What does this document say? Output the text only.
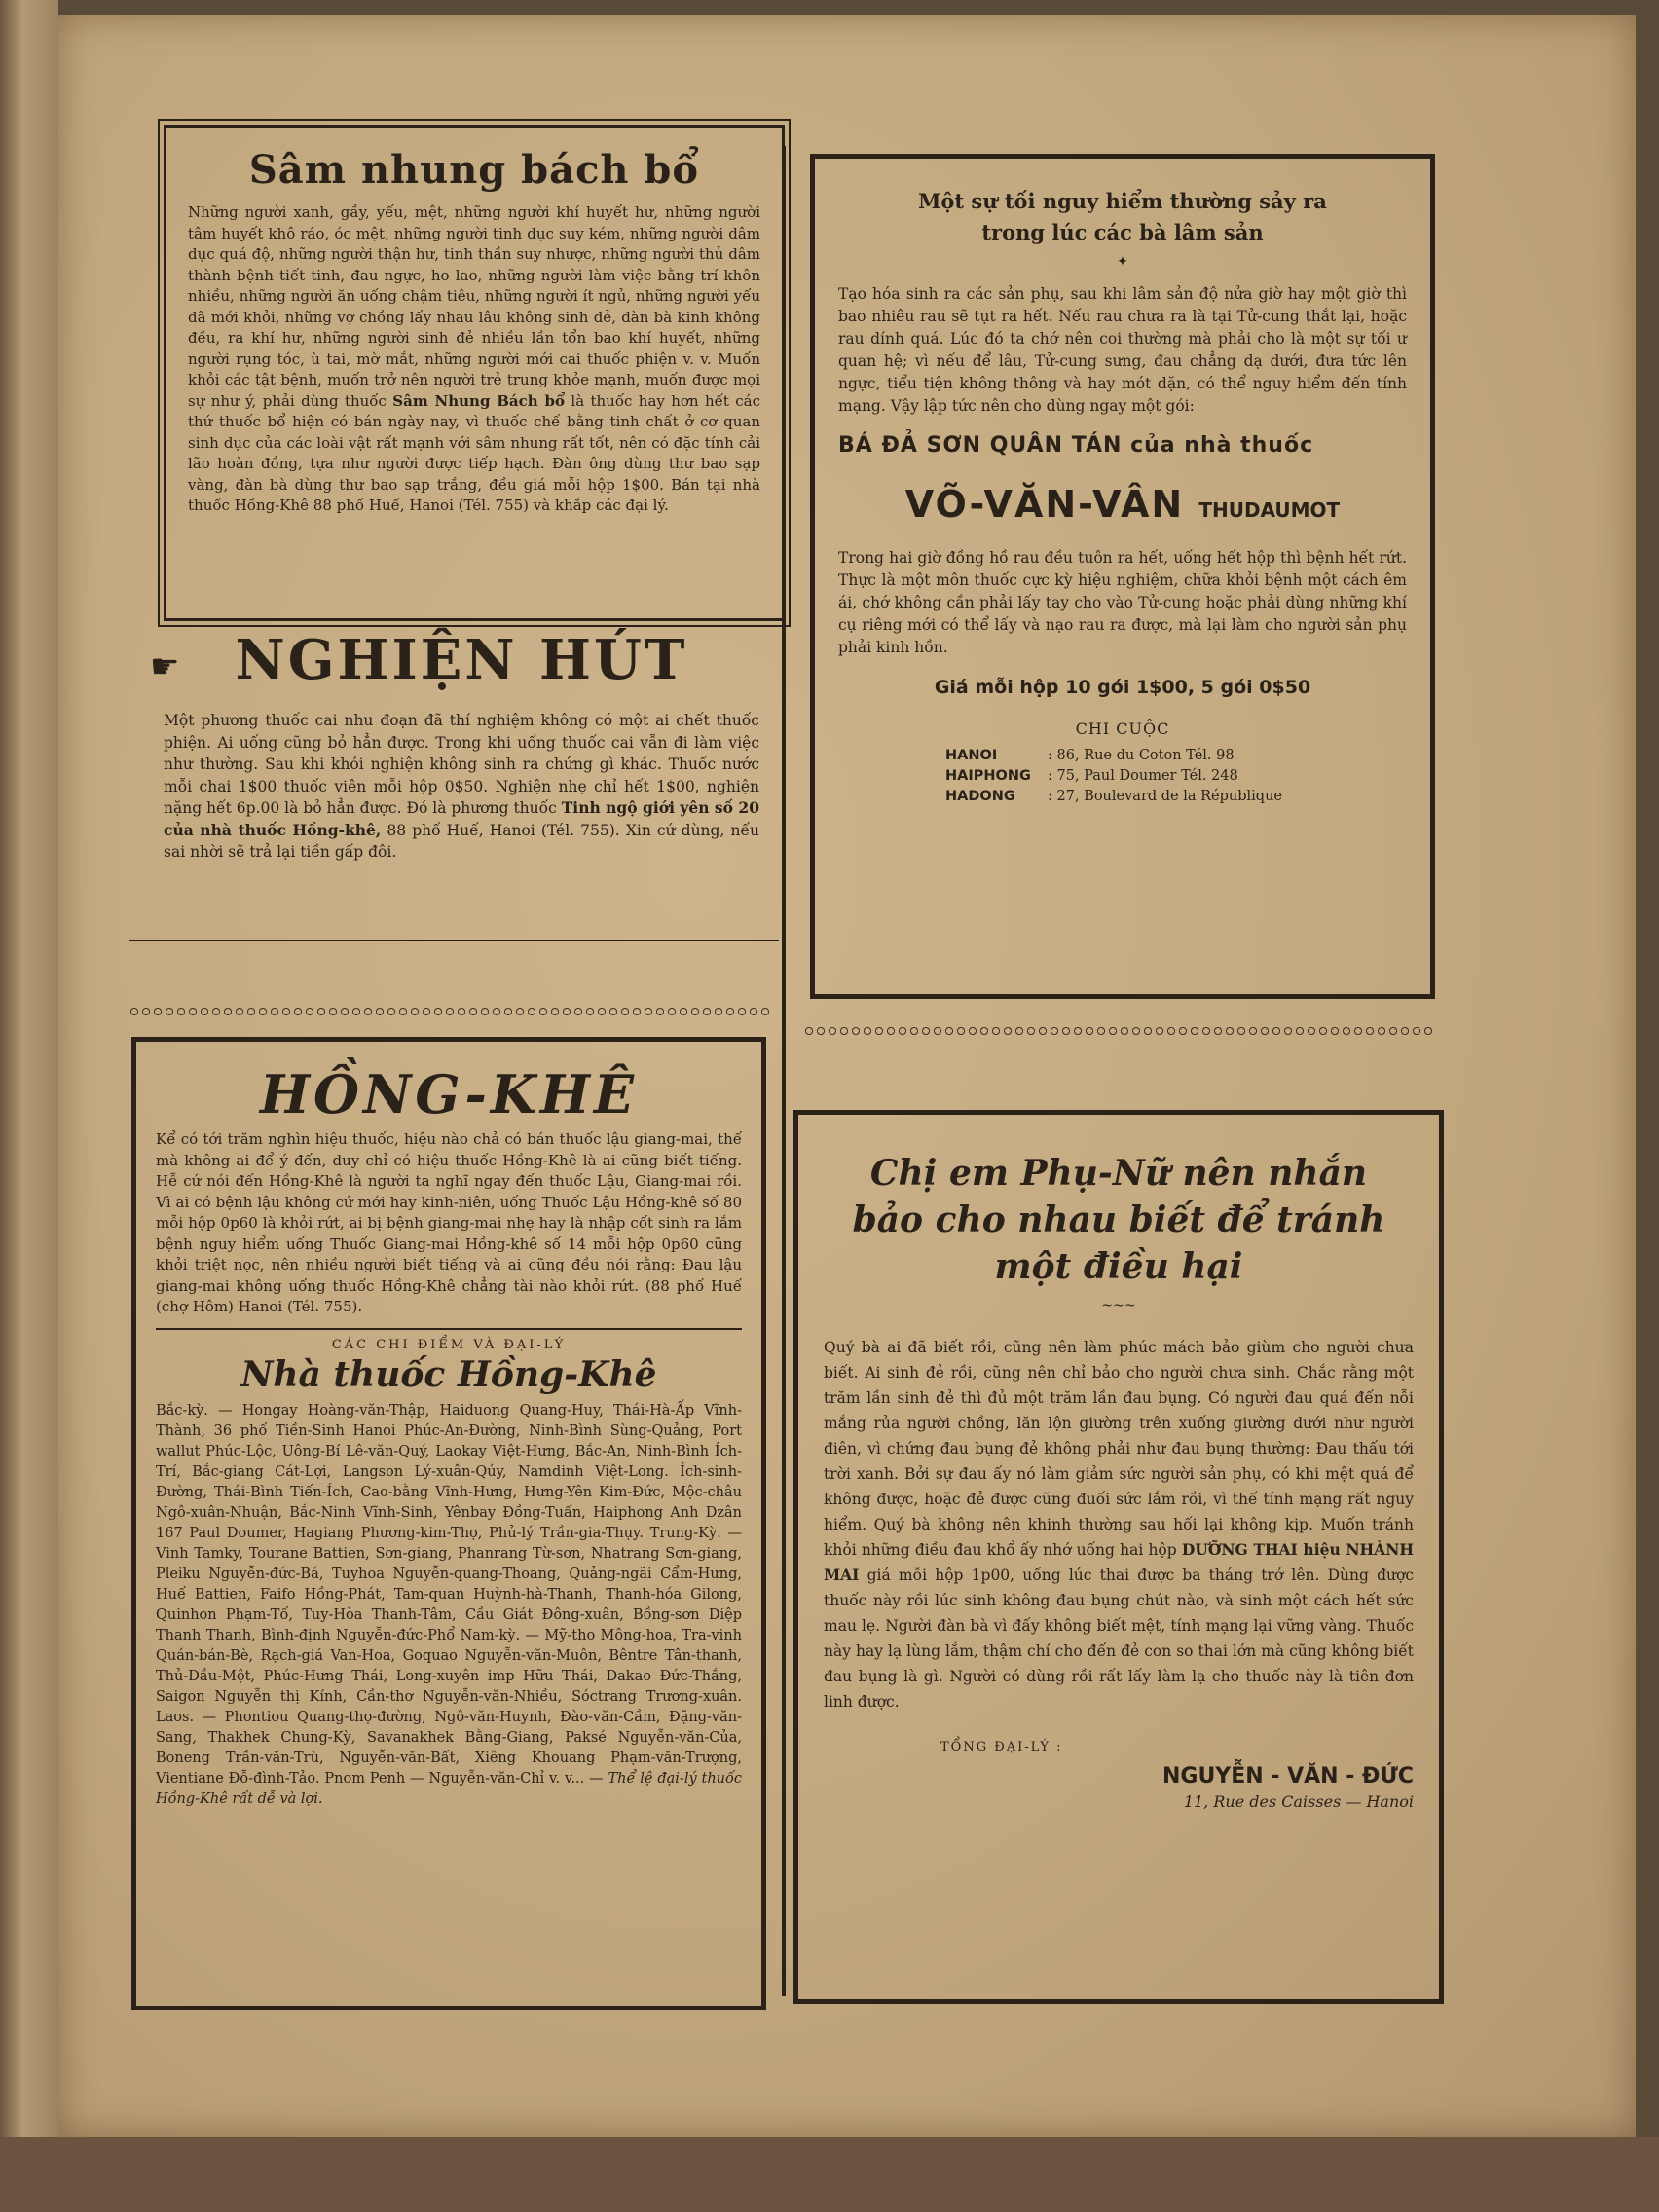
Sâm nhung bách bổ

Những người xanh, gầy, yếu, mệt, những người khí huyết hư, những người tâm huyết khô ráo, óc mệt, những người tinh dục suy kém, những người dâm dục quá độ, những người thận hư, tinh thần suy nhược, những người thủ dâm thành bệnh tiết tinh, đau ngực, ho lao, những người làm việc bằng trí khôn nhiều, những người ăn uống chậm tiêu, những người ít ngủ, những người yếu đã mới khỏi, những vợ chồng lấy nhau lâu không sinh đẻ, đàn bà kinh không đều, ra khí hư, những người sinh đẻ nhiều lần tổn bao khí huyết, những người rụng tóc, ù tai, mờ mắt, những người mới cai thuốc phiện v. v. Muốn khỏi các tật bệnh, muốn trở nên người trẻ trung khỏe mạnh, muốn được mọi sự như ý, phải dùng thuốc Sâm Nhung Bách bổ là thuốc hay hơn hết các thứ thuốc bổ hiện có bán ngày nay, vì thuốc chế bằng tinh chất ở cơ quan sinh dục của các loài vật rất mạnh với sâm nhung rất tốt, nên có đặc tính cải lão hoàn đồng, tựa như người được tiếp hạch. Đàn ông dùng thư bao sạp vàng, đàn bà dùng thư bao sạp trắng, đều giá mỗi hộp 1$00. Bán tại nhà thuốc Hồng-Khê 88 phố Huế, Hanoi (Tél. 755) và khắp các đại lý.

☛	NGHIỆN HÚT

Một phương thuốc cai nhu đoạn đã thí nghiệm không có một ai chết thuốc phiện. Ai uống cũng bỏ hẳn được. Trong khi uống thuốc cai vẫn đi làm việc như thường. Sau khi khỏi nghiện không sinh ra chứng gì khác. Thuốc nước mỗi chai 1$00 thuốc viên mỗi hộp 0$50. Nghiện nhẹ chỉ hết 1$00, nghiện nặng hết 6p.00 là bỏ hẳn được. Đó là phương thuốc Tinh ngộ giới yên số 20 của nhà thuốc Hồng-khê, 88 phố Huế, Hanoi (Tél. 755). Xin cứ dùng, nếu sai nhời sẽ trả lại tiền gấp đôi.

HỒNG-KHÊ
Kể có tới trăm nghìn hiệu thuốc, hiệu nào chả có bán thuốc lậu giang-mai, thế mà không ai để ý đến, duy chỉ có hiệu thuốc Hồng-Khê là ai cũng biết tiếng. Hễ cứ nói đến Hồng-Khê là người ta nghĩ ngay đến thuốc Lậu, Giang-mai rồi. Vì ai có bệnh lậu không cứ mới hay kinh-niên, uống Thuốc Lậu Hồng-khê số 80 mỗi hộp 0p60 là khỏi rứt, ai bị bệnh giang-mai nhẹ hay là nhập cốt sinh ra lắm bệnh nguy hiểm uống Thuốc Giang-mai Hồng-khê số 14 mỗi hộp 0p60 cũng khỏi triệt nọc, nên nhiều người biết tiếng và ai cũng đều nói rằng: Đau lậu giang-mai không uống thuốc Hồng-Khê chẳng tài nào khỏi rứt. (88 phố Huế (chợ Hôm) Hanoi (Tél. 755).
CÁC CHI ĐIỂM VÀ ĐẠI-LÝ
Nhà thuốc Hồng-Khê
Bắc-kỳ. — Hongay Hoàng-văn-Thập, Haiduong Quang-Huy, Thái-Hà-Ấp Vĩnh-Thành, 36 phố Tiền-Sinh Hanoi Phúc-An-Đường, Ninh-Bình Sùng-Quảng, Port wallut Phúc-Lộc, Uông-Bí Lê-văn-Quý, Laokay Việt-Hưng, Bắc-An, Ninh-Bình Ích-Trí, Bắc-giang Cát-Lợi, Langson Lý-xuân-Qúy, Namdinh Việt-Long. Ích-sinh-Đường, Thái-Bình Tiến-Ích, Cao-bằng Vĩnh-Hưng, Hưng-Yên Kim-Đức, Mộc-châu Ngô-xuân-Nhuận, Bắc-Ninh Vĩnh-Sinh, Yênbay Đồng-Tuấn, Haiphong Anh Dzân 167 Paul Doumer, Hagiang Phương-kim-Thọ, Phủ-lý Trần-gia-Thụy. Trung-Kỳ. — Vinh Tamky, Tourane Battien, Sơn-giang, Phanrang Từ-sơn, Nhatrang Sơn-giang, Pleiku Nguyễn-đức-Bá, Tuyhoa Nguyễn-quang-Thoang, Quảng-ngãi Cẩm-Hưng, Huế Battien, Faifo Hồng-Phát, Tam-quan Huỳnh-hà-Thanh, Thanh-hóa Gilong, Quinhon Phạm-Tố, Tuy-Hòa Thanh-Tâm, Cầu Giát Đông-xuân, Bồng-sơn Diệp Thanh Thanh, Bình-định Nguyễn-đức-Phổ Nam-kỳ. — Mỹ-tho Mông-hoa, Tra-vinh Quán-bán-Bè, Rạch-giá Van-Hoa, Goquao Nguyễn-văn-Muôn, Bêntre Tân-thanh, Thủ-Dầu-Một, Phúc-Hưng Thái, Long-xuyên imp Hữu Thái, Dakao Đức-Thắng, Saigon Nguyễn thị Kính, Cần-thơ Nguyễn-văn-Nhiều, Sóctrang Trương-xuân. Laos. — Phontiou Quang-thọ-đường, Ngô-văn-Huynh, Đào-văn-Cầm, Đặng-văn-Sang, Thakhek Chung-Kỳ, Savanakhek Bằng-Giang, Paksé Nguyễn-văn-Của, Boneng Trần-văn-Trù, Nguyễn-văn-Bất, Xiêng Khouang Phạm-văn-Trượng, Vientiane Đỗ-đình-Tảo. Pnom Penh — Nguyễn-văn-Chỉ v. v... — Thể lệ đại-lý thuốc Hồng-Khê rất dễ và lợi.
Một sự tối nguy hiểm thường sảy ra
trong lúc các bà lâm sản
✦
Tạo hóa sinh ra các sản phụ, sau khi lâm sản độ nửa giờ hay một giờ thì bao nhiêu rau sẽ tụt ra hết. Nếu rau chưa ra là tại Tử-cung thắt lại, hoặc rau dính quá. Lúc đó ta chớ nên coi thường mà phải cho là một sự tối ư quan hệ; vì nếu để lâu, Tử-cung sưng, đau chẳng dạ dưới, đưa tức lên ngực, tiểu tiện không thông và hay mót dặn, có thể nguy hiểm đến tính mạng. Vậy lập tức nên cho dùng ngay một gói:
BÁ ĐẢ SƠN QUÂN TÁN của nhà thuốc
VÕ-VĂN-VÂN THUDAUMOT
Trong hai giờ đồng hồ rau đều tuôn ra hết, uống hết hộp thì bệnh hết rứt. Thực là một môn thuốc cực kỳ hiệu nghiệm, chữa khỏi bệnh một cách êm ái, chớ không cần phải lấy tay cho vào Tử-cung hoặc phải dùng những khí cụ riêng mới có thể lấy và nạo rau ra được, mà lại làm cho người sản phụ phải kinh hồn.
Giá mỗi hộp 10 gói 1$00, 5 gói 0$50
CHI CUỘC
HANOI	: 86, Rue du Coton Tél. 98
HAIPHONG : 75, Paul Doumer Tél. 248
HADONG : 27, Boulevard de la République
Chị em Phụ-Nữ nên nhắn bảo cho nhau biết để tránh một điều hại
~~~

Quý bà ai đã biết rồi, cũng nên làm phúc mách bảo giùm cho người chưa biết. Ai sinh đẻ rồi, cũng nên chỉ bảo cho người chưa sinh. Chắc rằng một trăm lần sinh đẻ thì đủ một trăm lần đau bụng. Có người đau quá đến nỗi mắng rủa người chồng, lăn lộn giường trên xuống giường dưới như người điên, vì chứng đau bụng đẻ không phải như đau bụng thường: Đau thấu tới trời xanh. Bởi sự đau ấy nó làm giảm sức người sản phụ, có khi mệt quá để không được, hoặc đẻ được cũng đuối sức lắm rồi, vì thế tính mạng rất nguy hiểm. Quý bà không nên khinh thường sau hối lại không kịp. Muốn tránh khỏi những điều đau khổ ấy nhớ uống hai hộp DƯỠNG THAI hiệu NHÀNH MAI giá mỗi hộp 1p00, uống lúc thai được ba tháng trở lên. Dùng được thuốc này rồi lúc sinh không đau bụng chút nào, và sinh một cách hết sức mau lẹ. Người đàn bà vì đấy không biết mệt, tính mạng lại vững vàng. Thuốc này hay lạ lùng lắm, thậm chí cho đến đẻ con so thai lớn mà cũng không biết đau bụng là gì. Người có dùng rồi rất lấy làm lạ cho thuốc này là tiên đơn linh được.

TỔNG ĐẠI-LÝ :
NGUYỄN - VĂN - ĐỨC
11, Rue des Caisses — Hanoi
